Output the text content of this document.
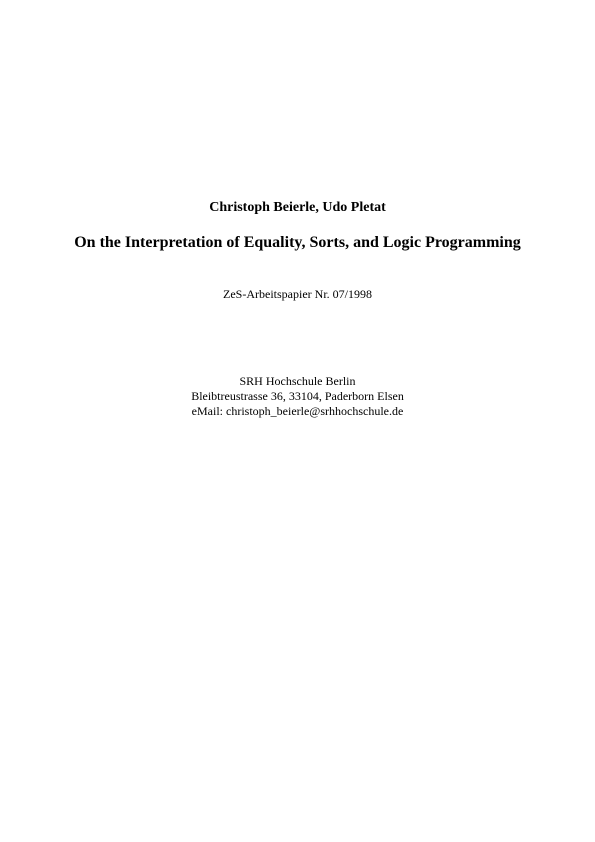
Christoph Beierle, Udo Pletat
On the Interpretation of Equality, Sorts, and Logic Programming
ZeS-Arbeitspapier Nr. 07/1998
SRH Hochschule Berlin
Bleibtreustrasse 36, 33104, Paderborn Elsen
eMail: christoph_beierle@srhhochschule.de
